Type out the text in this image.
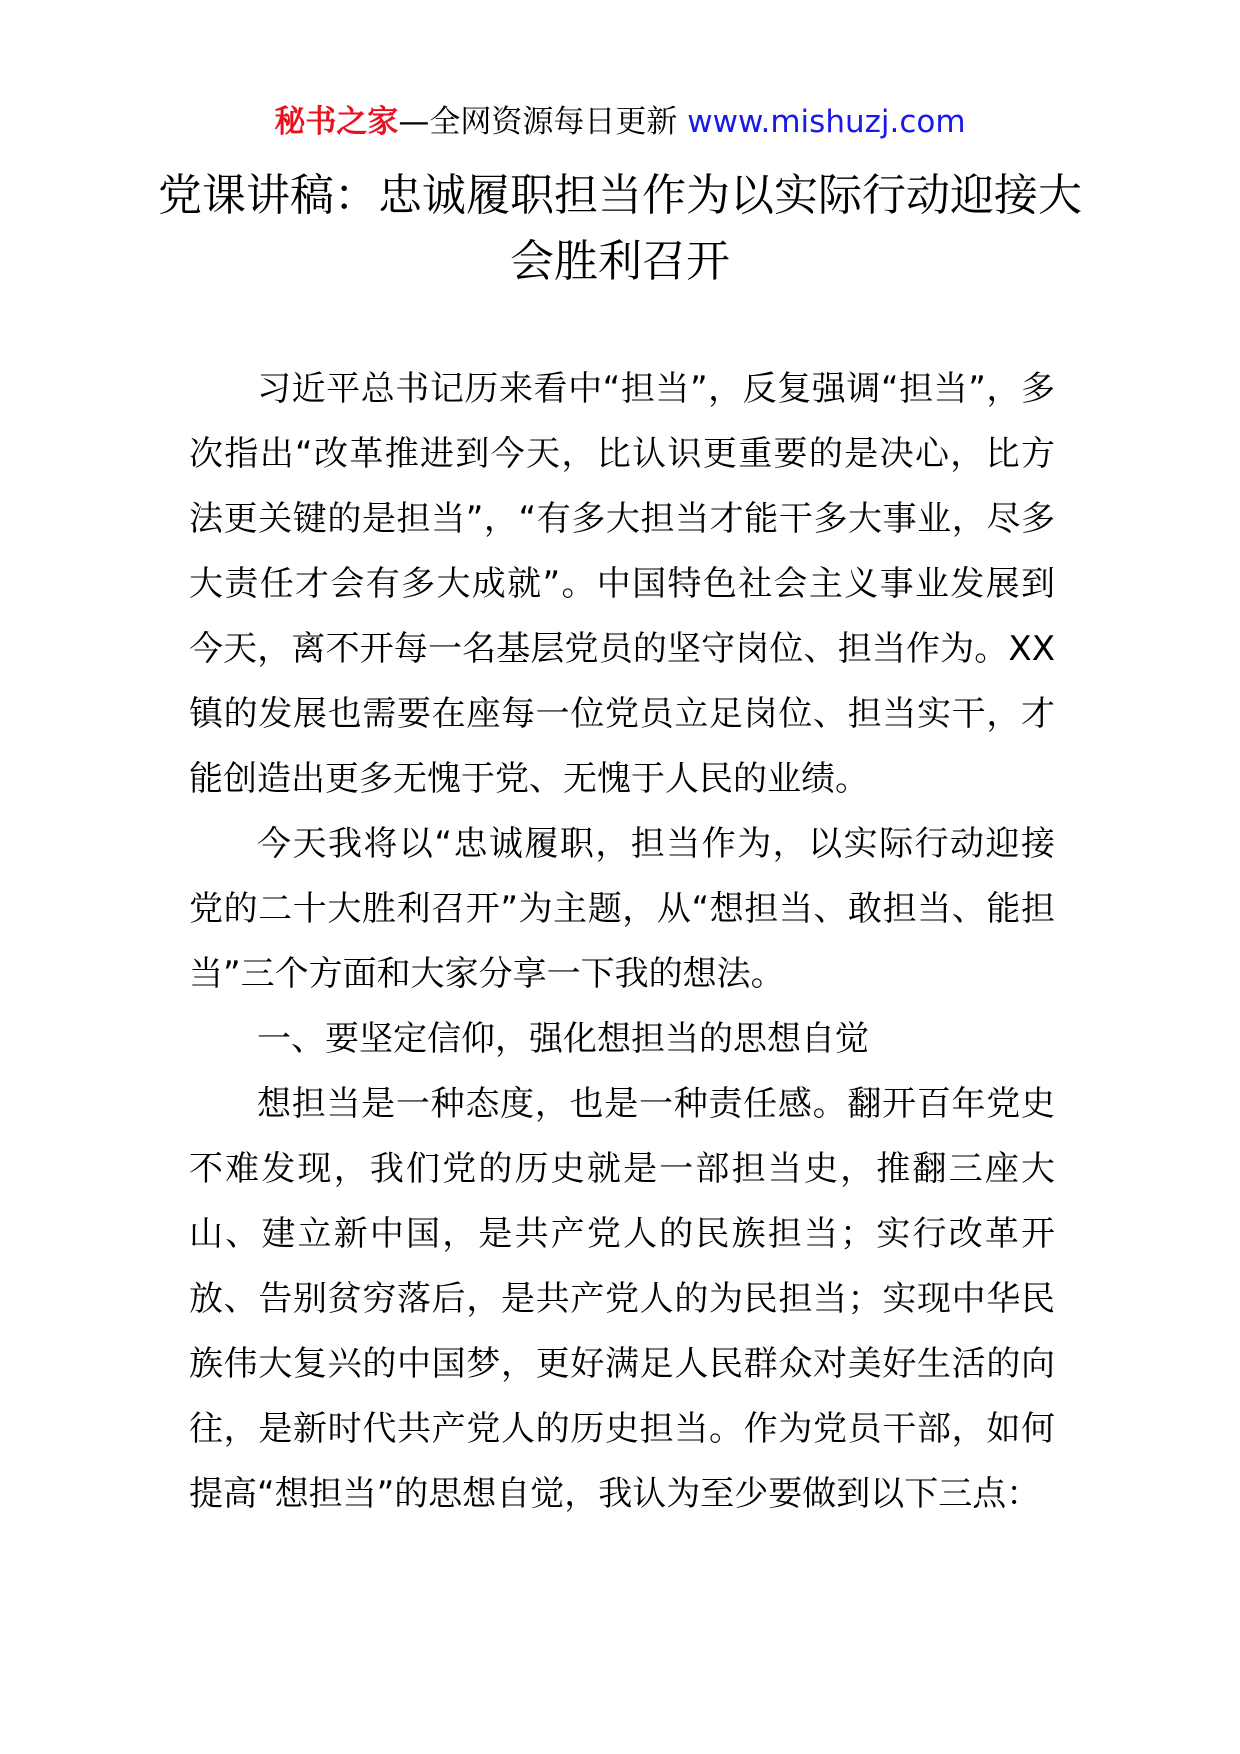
秘书之家—全网资源每日更新 www.mishuzj.com
党课讲稿：忠诚履职担当作为以实际行动迎接大会胜利召开

习近平总书记历来看中“担当”，反复强调“担当”，多次指出“改革推进到今天，比认识更重要的是决心，比方法更关键的是担当”，“有多大担当才能干多大事业，尽多大责任才会有多大成就”。中国特色社会主义事业发展到今天，离不开每一名基层党员的坚守岗位、担当作为。XX镇的发展也需要在座每一位党员立足岗位、担当实干，才能创造出更多无愧于党、无愧于人民的业绩。

今天我将以“忠诚履职，担当作为，以实际行动迎接党的二十大胜利召开”为主题，从“想担当、敢担当、能担当”三个方面和大家分享一下我的想法。

一、要坚定信仰，强化想担当的思想自觉

想担当是一种态度，也是一种责任感。翻开百年党史不难发现，我们党的历史就是一部担当史，推翻三座大山、建立新中国，是共产党人的民族担当；实行改革开放、告别贫穷落后，是共产党人的为民担当；实现中华民族伟大复兴的中国梦，更好满足人民群众对美好生活的向往，是新时代共产党人的历史担当。作为党员干部，如何提高“想担当”的思想自觉，我认为至少要做到以下三点：
